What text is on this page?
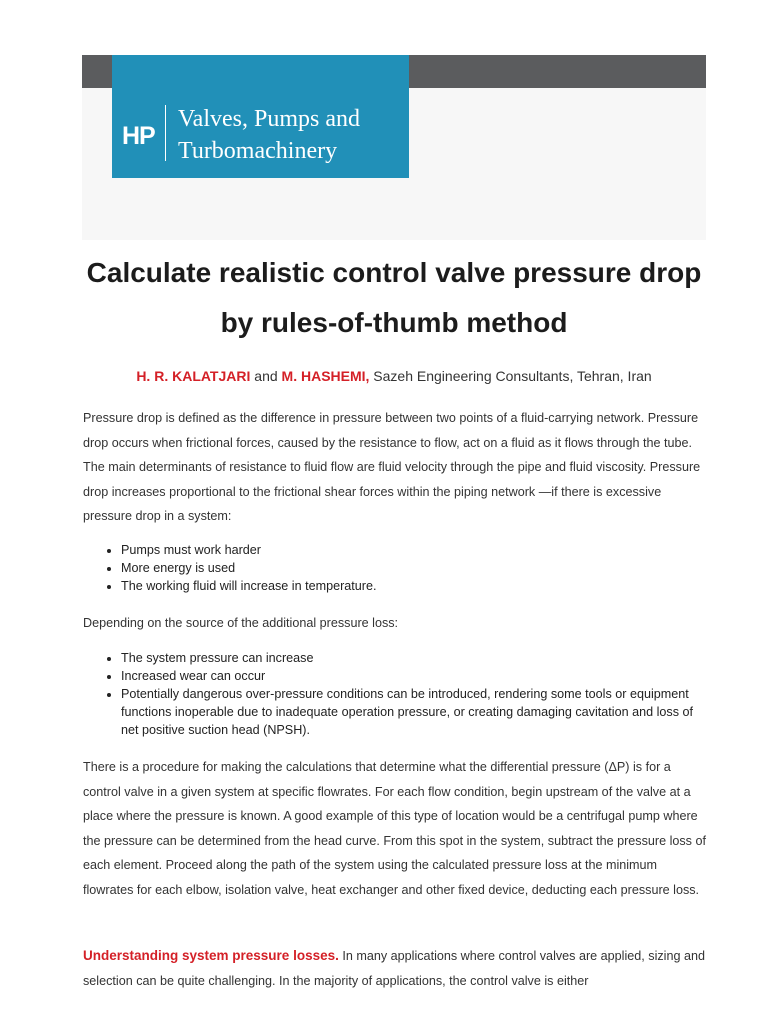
HP
Valves, Pumps and
Turbomachinery
Calculate realistic control valve pressure drop
by rules-of-thumb method
H. R. KALATJARI and M. HASHEMI, Sazeh Engineering Consultants, Tehran, Iran

Pressure drop is defined as the difference in pressure between two points of a fluid-carrying network. Pressure drop occurs when frictional forces, caused by the resistance to flow, act on a fluid as it flows through the tube. The main determinants of resistance to fluid flow are fluid velocity through the pipe and fluid viscosity. Pressure drop increases proportional to the frictional shear forces within the piping network —if there is excessive pressure drop in a system:

• Pumps must work harder
• More energy is used
• The working fluid will increase in temperature.

Depending on the source of the additional pressure loss:

• The system pressure can increase
• Increased wear can occur
• Potentially dangerous over-pressure conditions can be introduced, rendering some tools or equipment functions inoperable due to inadequate operation pressure, or creating damaging cavitation and loss of net positive suction head (NPSH).

There is a procedure for making the calculations that determine what the differential pressure (ΔP) is for a control valve in a given system at specific flowrates. For each flow condition, begin upstream of the valve at a place where the pressure is known. A good example of this type of location would be a centrifugal pump where the pressure can be determined from the head curve. From this spot in the system, subtract the pressure loss of each element. Proceed along the path of the system using the calculated pressure loss at the minimum flowrates for each elbow, isolation valve, heat exchanger and other fixed device, deducting each pressure loss.

Understanding system pressure losses. In many applications where control valves are applied, sizing and selection can be quite challenging. In the majority of applications, the control valve is either
